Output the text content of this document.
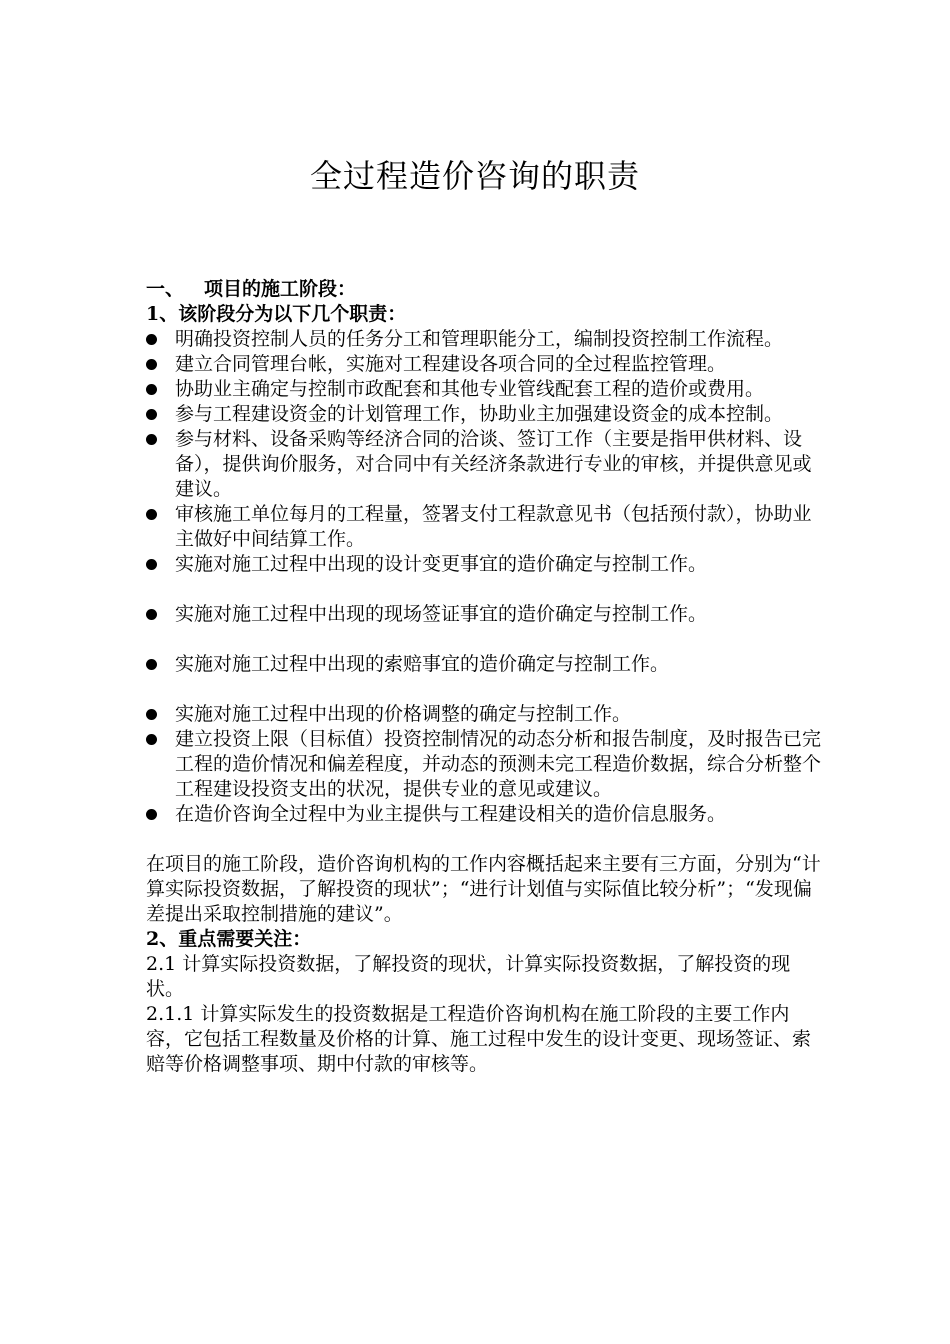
全过程造价咨询的职责

一、 项目的施工阶段：

1、该阶段分为以下几个职责：

明确投资控制人员的任务分工和管理职能分工，编制投资控制工作流程。
建立合同管理台帐，实施对工程建设各项合同的全过程监控管理。
协助业主确定与控制市政配套和其他专业管线配套工程的造价或费用。
参与工程建设资金的计划管理工作，协助业主加强建设资金的成本控制。
参与材料、设备采购等经济合同的洽谈、签订工作（主要是指甲供材料、设备），提供询价服务，对合同中有关经济条款进行专业的审核，并提供意见或建议。
审核施工单位每月的工程量，签署支付工程款意见书（包括预付款），协助业主做好中间结算工作。
实施对施工过程中出现的设计变更事宜的造价确定与控制工作。
实施对施工过程中出现的现场签证事宜的造价确定与控制工作。
实施对施工过程中出现的索赔事宜的造价确定与控制工作。
实施对施工过程中出现的价格调整的确定与控制工作。
建立投资上限（目标值）投资控制情况的动态分析和报告制度，及时报告已完工程的造价情况和偏差程度，并动态的预测未完工程造价数据，综合分析整个工程建设投资支出的状况，提供专业的意见或建议。
在造价咨询全过程中为业主提供与工程建设相关的造价信息服务。

在项目的施工阶段，造价咨询机构的工作内容概括起来主要有三方面，分别为“计算实际投资数据，了解投资的现状”；“进行计划值与实际值比较分析”；“发现偏差提出采取控制措施的建议”。

2、重点需要关注：

2.1 计算实际投资数据，了解投资的现状，计算实际投资数据，了解投资的现状。

2.1.1 计算实际发生的投资数据是工程造价咨询机构在施工阶段的主要工作内容，它包括工程数量及价格的计算、施工过程中发生的设计变更、现场签证、索赔等价格调整事项、期中付款的审核等。
